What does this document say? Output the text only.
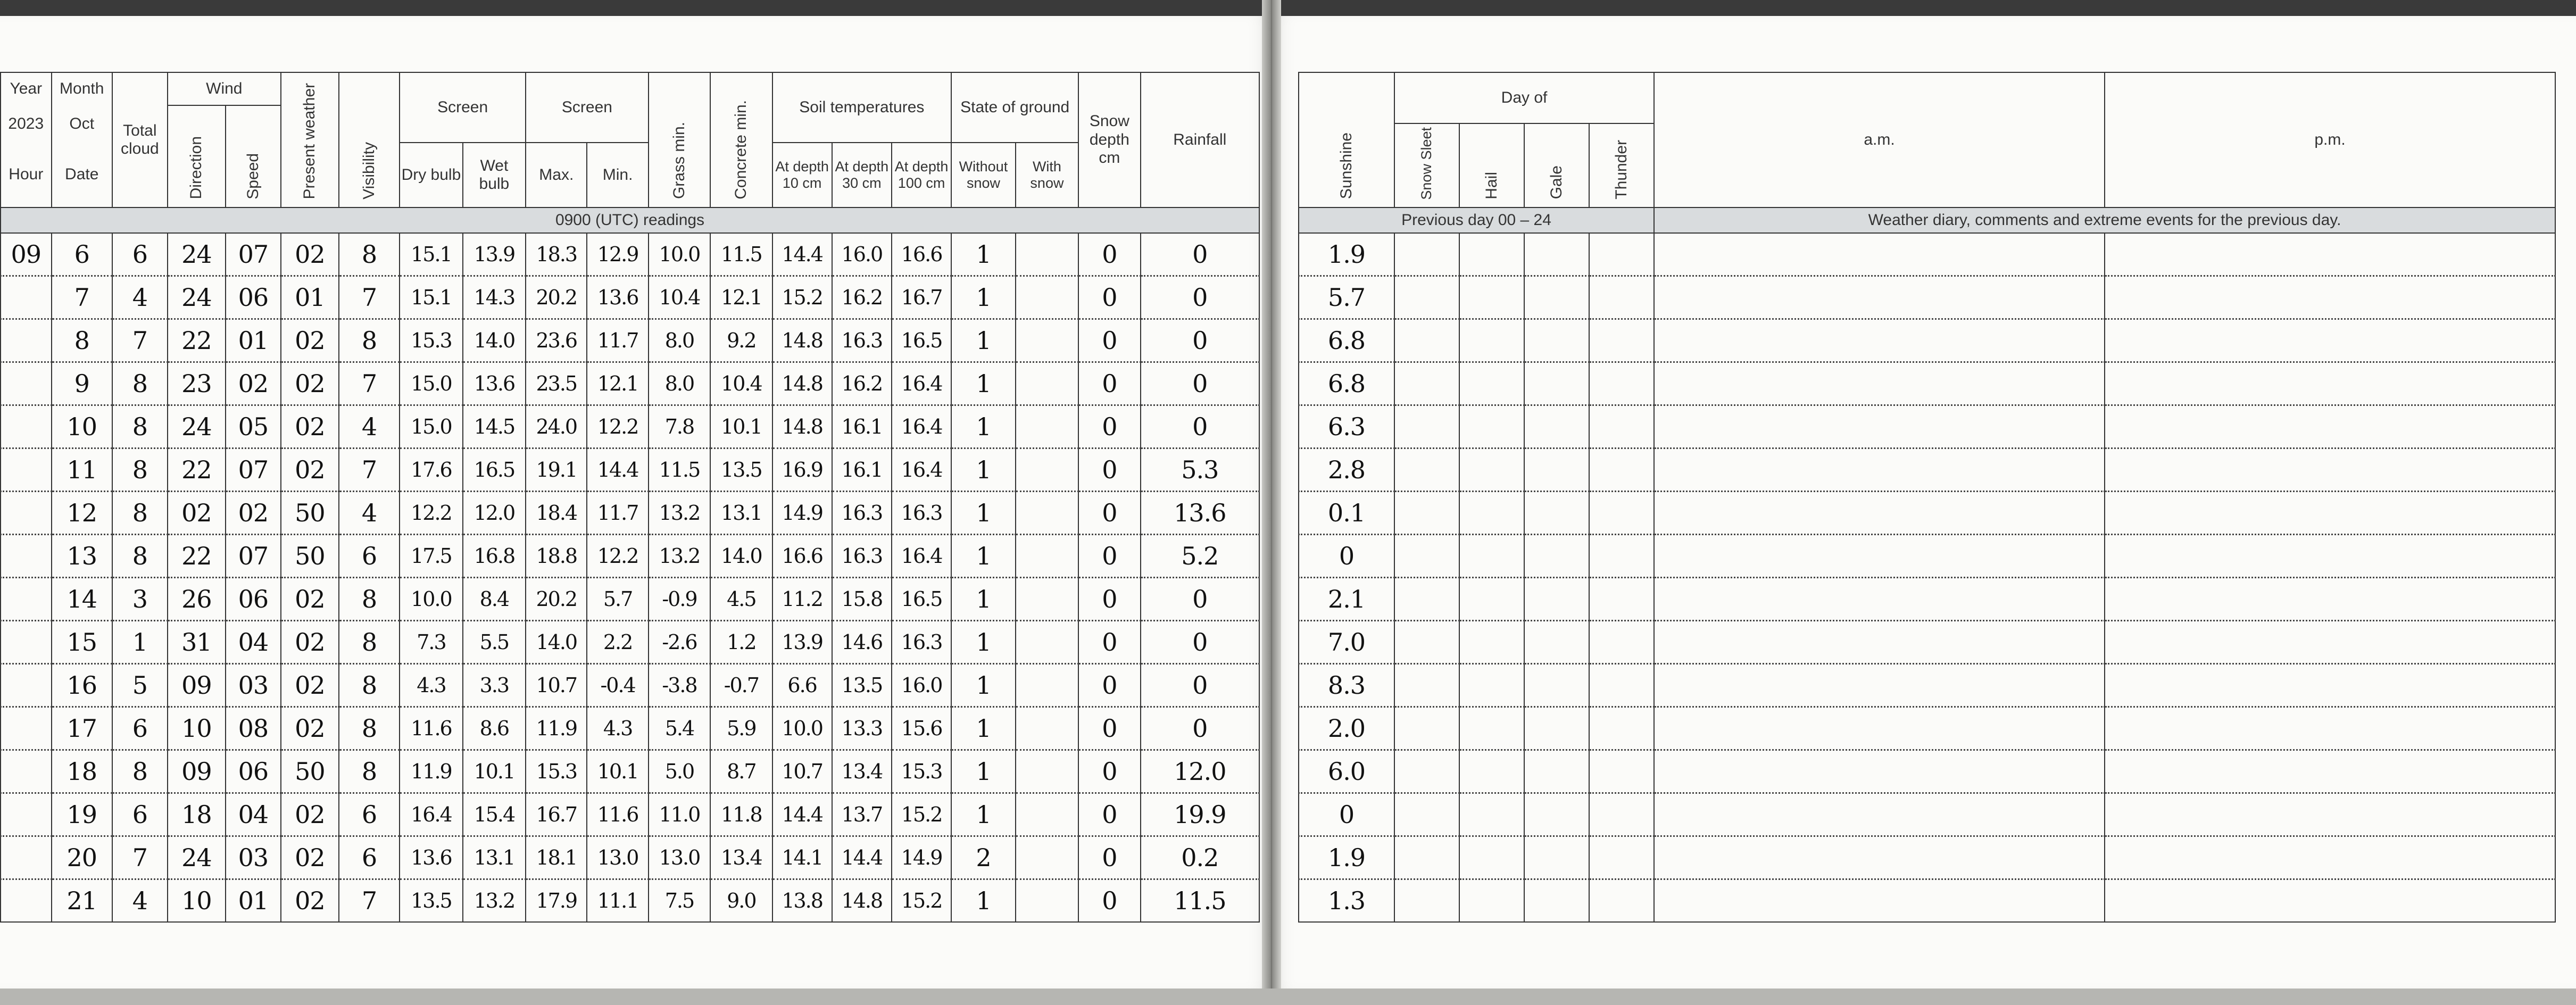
Year	Month	Total cloud	Wind		Present weather	Visibility	Screen		Screen		Grass min.	Concrete min.	Soil temperatures			State of ground		Snow depth cm	Rainfall
2023	Oct		Direction	Speed															
Hour	Date						Dry bulb	Wet bulb	Max.	Min.			At depth 10 cm	At depth 30 cm	At depth 100 cm	Without snow	With snow		
0900 (UTC) readings																			
09	6	6	24	07	02	8	15.1	13.9	18.3	12.9	10.0	11.5	14.4	16.0	16.6	1		0	0
	7	4	24	06	01	7	15.1	14.3	20.2	13.6	10.4	12.1	15.2	16.2	16.7	1		0	0
	8	7	22	01	02	8	15.3	14.0	23.6	11.7	8.0	9.2	14.8	16.3	16.5	1		0	0
	9	8	23	02	02	7	15.0	13.6	23.5	12.1	8.0	10.4	14.8	16.2	16.4	1		0	0
	10	8	24	05	02	4	15.0	14.5	24.0	12.2	7.8	10.1	14.8	16.1	16.4	1		0	0
	11	8	22	07	02	7	17.6	16.5	19.1	14.4	11.5	13.5	16.9	16.1	16.4	1		0	5.3
	12	8	02	02	50	4	12.2	12.0	18.4	11.7	13.2	13.1	14.9	16.3	16.3	1		0	13.6
	13	8	22	07	50	6	17.5	16.8	18.8	12.2	13.2	14.0	16.6	16.3	16.4	1		0	5.2
	14	3	26	06	02	8	10.0	8.4	20.2	5.7	-0.9	4.5	11.2	15.8	16.5	1		0	0
	15	1	31	04	02	8	7.3	5.5	14.0	2.2	-2.6	1.2	13.9	14.6	16.3	1		0	0
	16	5	09	03	02	8	4.3	3.3	10.7	-0.4	-3.8	-0.7	6.6	13.5	16.0	1		0	0
	17	6	10	08	02	8	11.6	8.6	11.9	4.3	5.4	5.9	10.0	13.3	15.6	1		0	0
	18	8	09	06	50	8	11.9	10.1	15.3	10.1	5.0	8.7	10.7	13.4	15.3	1		0	12.0
	19	6	18	04	02	6	16.4	15.4	16.7	11.6	11.0	11.8	14.4	13.7	15.2	1		0	19.9
	20	7	24	03	02	6	13.6	13.1	18.1	13.0	13.0	13.4	14.1	14.4	14.9	2		0	0.2
	21	4	10	01	02	7	13.5	13.2	17.9	11.1	7.5	9.0	13.8	14.8	15.2	1		0	11.5
Sunshine	Day of				a.m.	p.m.
	Snow Sleet	Hail	Gale	Thunder		
Previous day 00 – 24					Weather diary, comments and extreme events for the previous day.	
1.9						
5.7						
6.8						
6.8						
6.3						
2.8						
0.1						
0						
2.1						
7.0						
8.3						
2.0						
6.0						
0						
1.9						
1.3						
